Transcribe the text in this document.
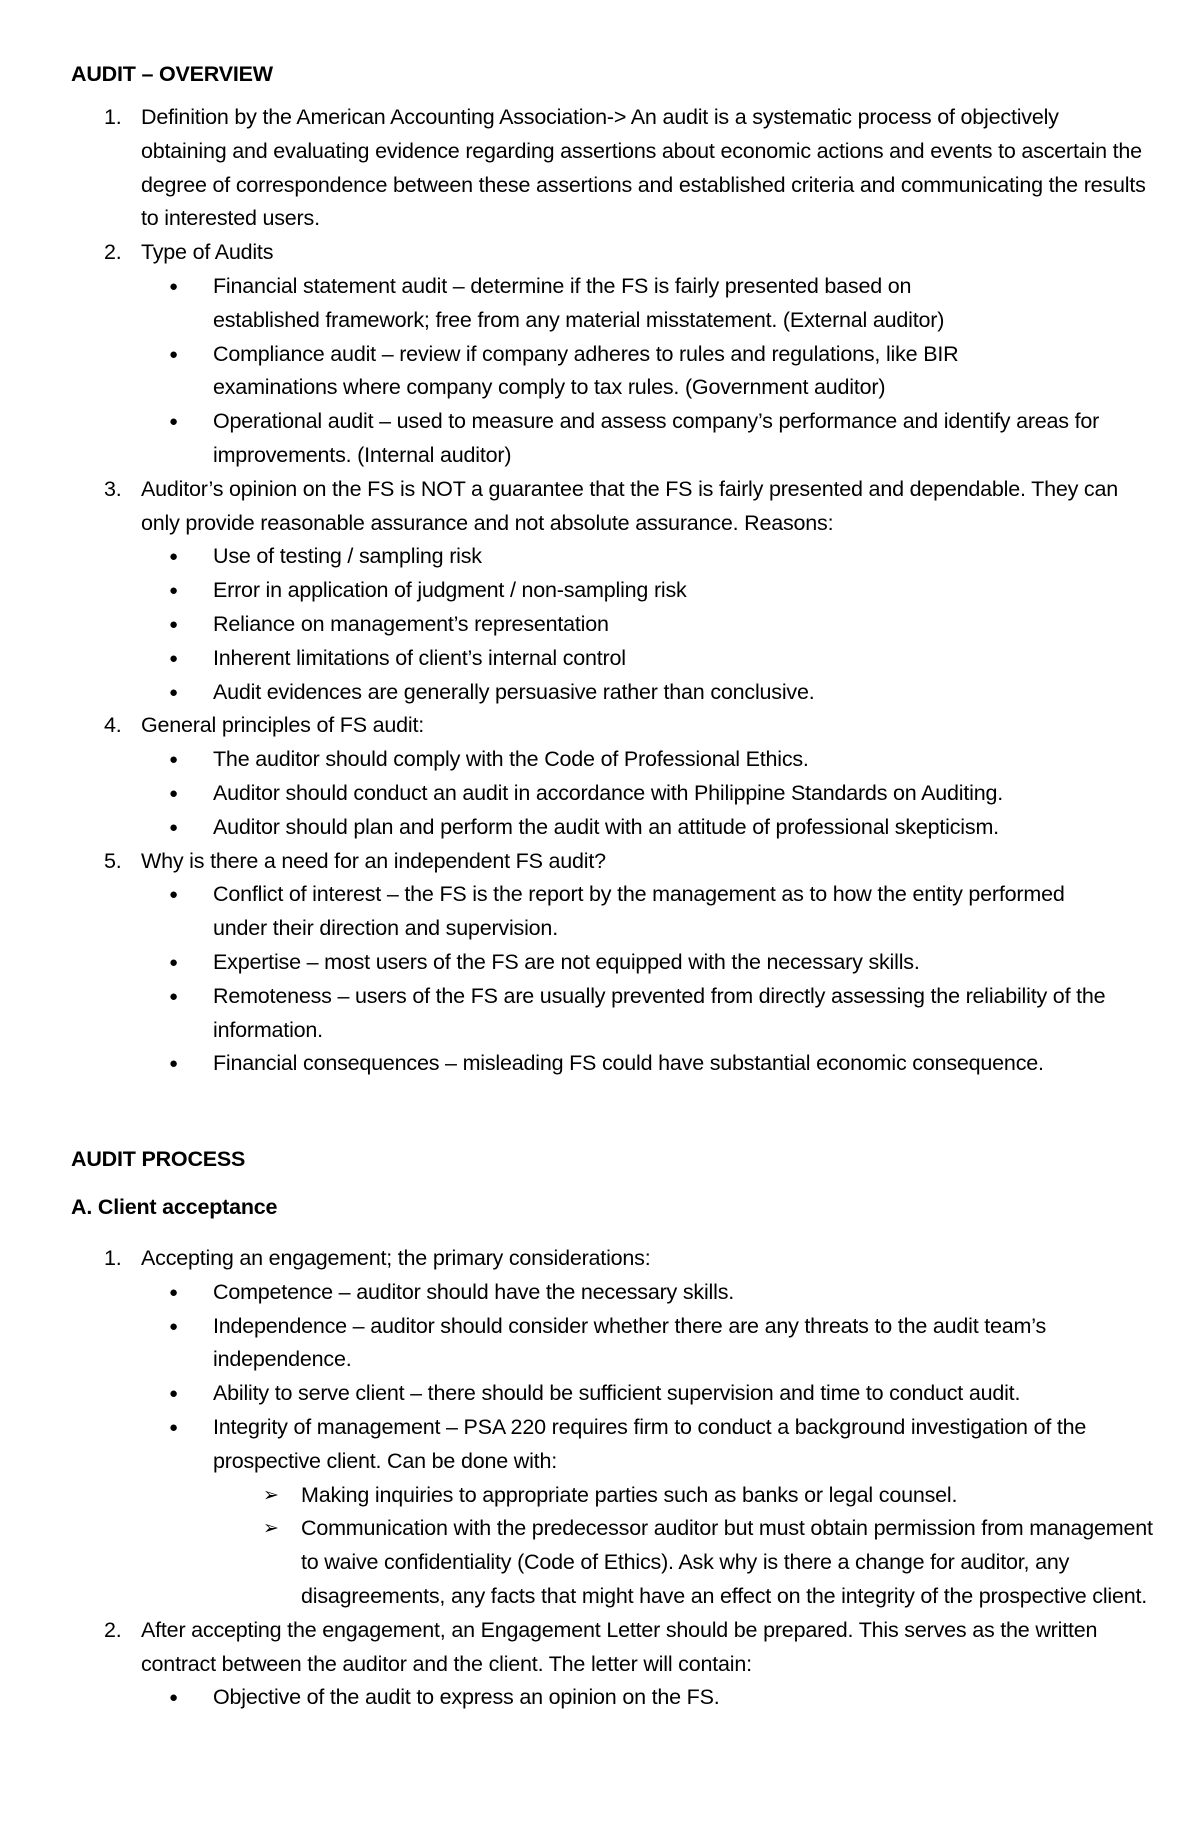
AUDIT – OVERVIEW
1. Definition by the American Accounting Association-> An audit is a systematic process of objectively obtaining and evaluating evidence regarding assertions about economic actions and events to ascertain the degree of correspondence between these assertions and established criteria and communicating the results to interested users.
2. Type of Audits
● Financial statement audit – determine if the FS is fairly presented based on established framework; free from any material misstatement. (External auditor)
● Compliance audit – review if company adheres to rules and regulations, like BIR examinations where company comply to tax rules. (Government auditor)
● Operational audit – used to measure and assess company’s performance and identify areas for improvements. (Internal auditor)
3. Auditor’s opinion on the FS is NOT a guarantee that the FS is fairly presented and dependable. They can only provide reasonable assurance and not absolute assurance. Reasons:
● Use of testing / sampling risk
● Error in application of judgment / non-sampling risk
● Reliance on management’s representation
● Inherent limitations of client’s internal control
● Audit evidences are generally persuasive rather than conclusive.
4. General principles of FS audit:
● The auditor should comply with the Code of Professional Ethics.
● Auditor should conduct an audit in accordance with Philippine Standards on Auditing.
● Auditor should plan and perform the audit with an attitude of professional skepticism.
5. Why is there a need for an independent FS audit?
● Conflict of interest – the FS is the report by the management as to how the entity performed under their direction and supervision.
● Expertise – most users of the FS are not equipped with the necessary skills.
● Remoteness – users of the FS are usually prevented from directly assessing the reliability of the information.
● Financial consequences – misleading FS could have substantial economic consequence.
AUDIT PROCESS
A. Client acceptance
1. Accepting an engagement; the primary considerations:
● Competence – auditor should have the necessary skills.
● Independence – auditor should consider whether there are any threats to the audit team’s independence.
● Ability to serve client – there should be sufficient supervision and time to conduct audit.
● Integrity of management – PSA 220 requires firm to conduct a background investigation of the prospective client. Can be done with:
➢ Making inquiries to appropriate parties such as banks or legal counsel.
➢ Communication with the predecessor auditor but must obtain permission from management to waive confidentiality (Code of Ethics). Ask why is there a change for auditor, any disagreements, any facts that might have an effect on the integrity of the prospective client.
2. After accepting the engagement, an Engagement Letter should be prepared. This serves as the written contract between the auditor and the client. The letter will contain:
● Objective of the audit to express an opinion on the FS.
